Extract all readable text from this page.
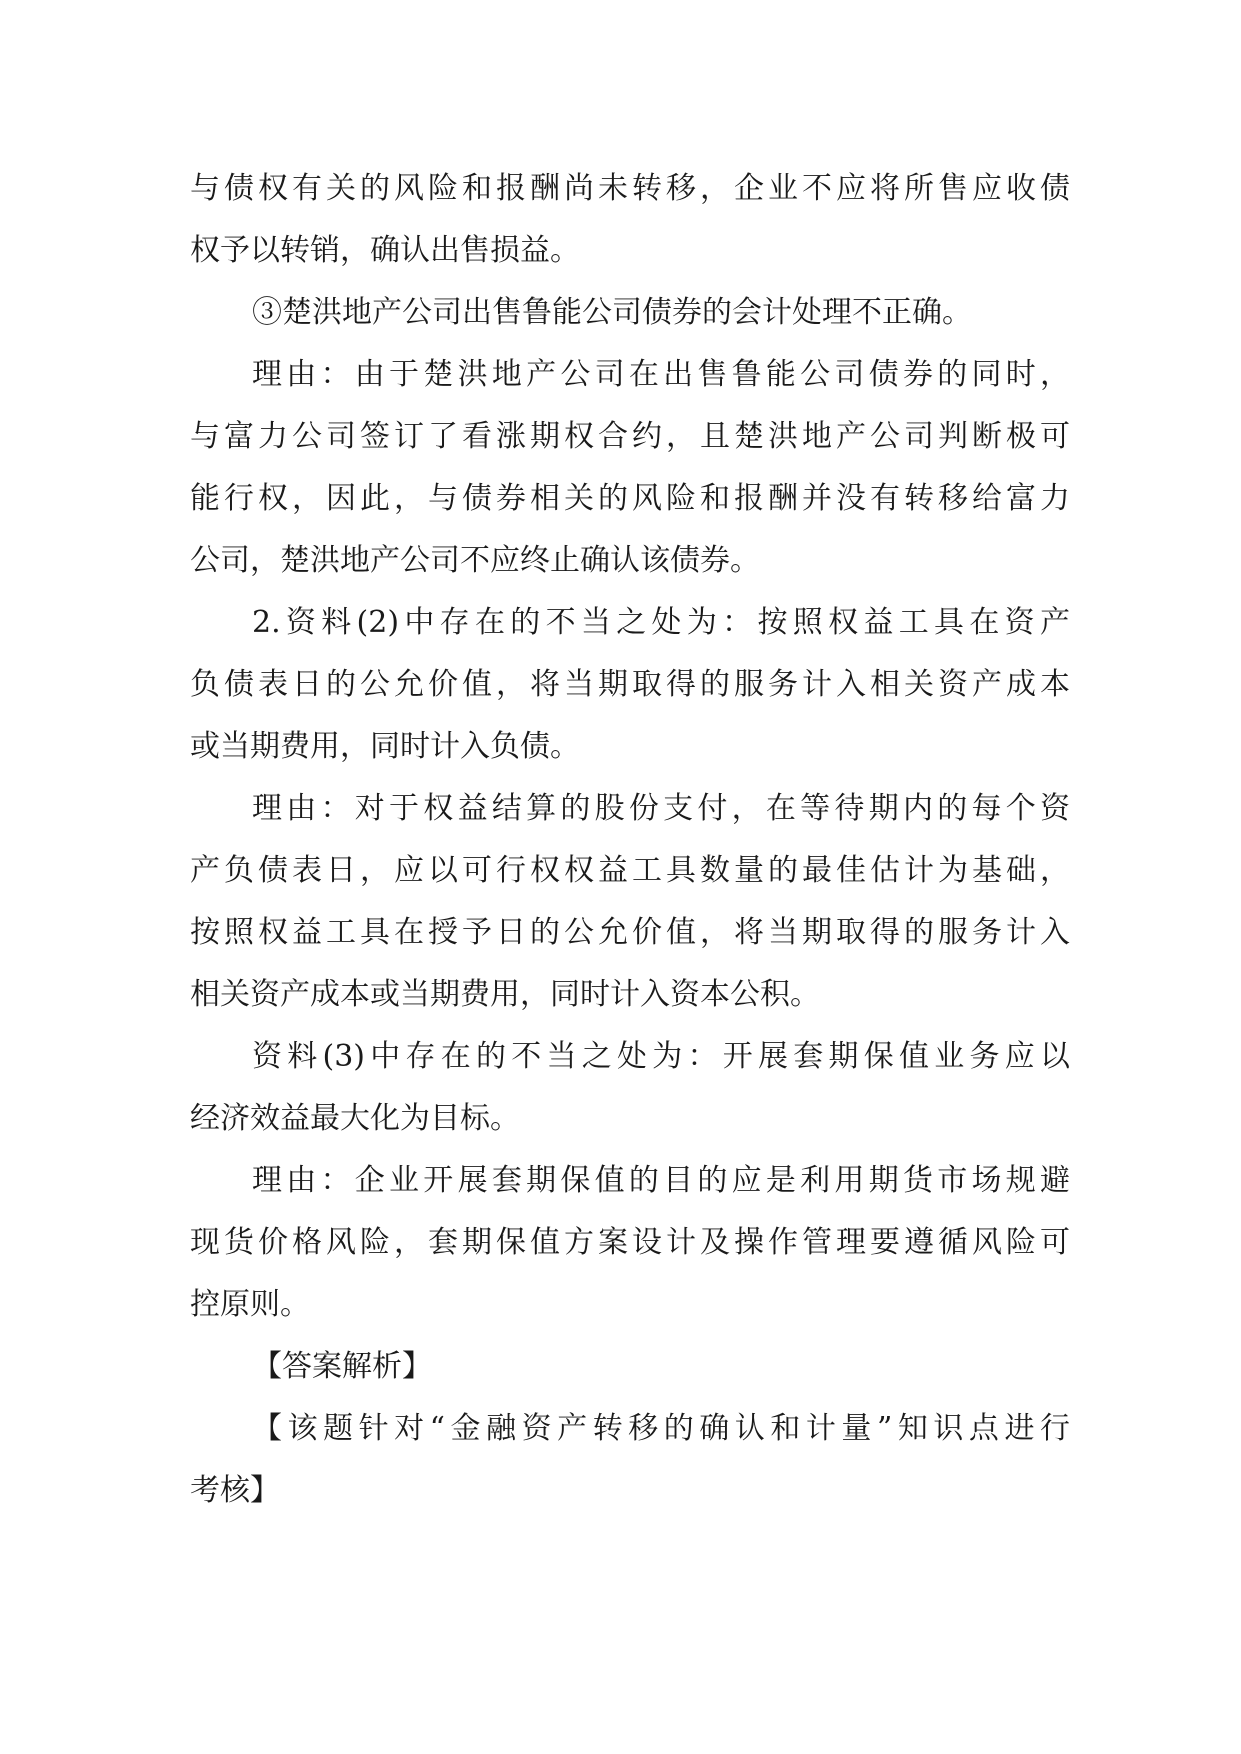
与债权有关的风险和报酬尚未转移，企业不应将所售应收债
权予以转销，确认出售损益。
③楚洪地产公司出售鲁能公司债券的会计处理不正确。
理由：由于楚洪地产公司在出售鲁能公司债券的同时，
与富力公司签订了看涨期权合约，且楚洪地产公司判断极可
能行权，因此，与债券相关的风险和报酬并没有转移给富力
公司，楚洪地产公司不应终止确认该债券。
2.资料(2)中存在的不当之处为：按照权益工具在资产
负债表日的公允价值，将当期取得的服务计入相关资产成本
或当期费用，同时计入负债。
理由：对于权益结算的股份支付，在等待期内的每个资
产负债表日，应以可行权权益工具数量的最佳估计为基础，
按照权益工具在授予日的公允价值，将当期取得的服务计入
相关资产成本或当期费用，同时计入资本公积。
资料(3)中存在的不当之处为：开展套期保值业务应以
经济效益最大化为目标。
理由：企业开展套期保值的目的应是利用期货市场规避
现货价格风险，套期保值方案设计及操作管理要遵循风险可
控原则。
【答案解析】
【该题针对“金融资产转移的确认和计量”知识点进行
考核】
